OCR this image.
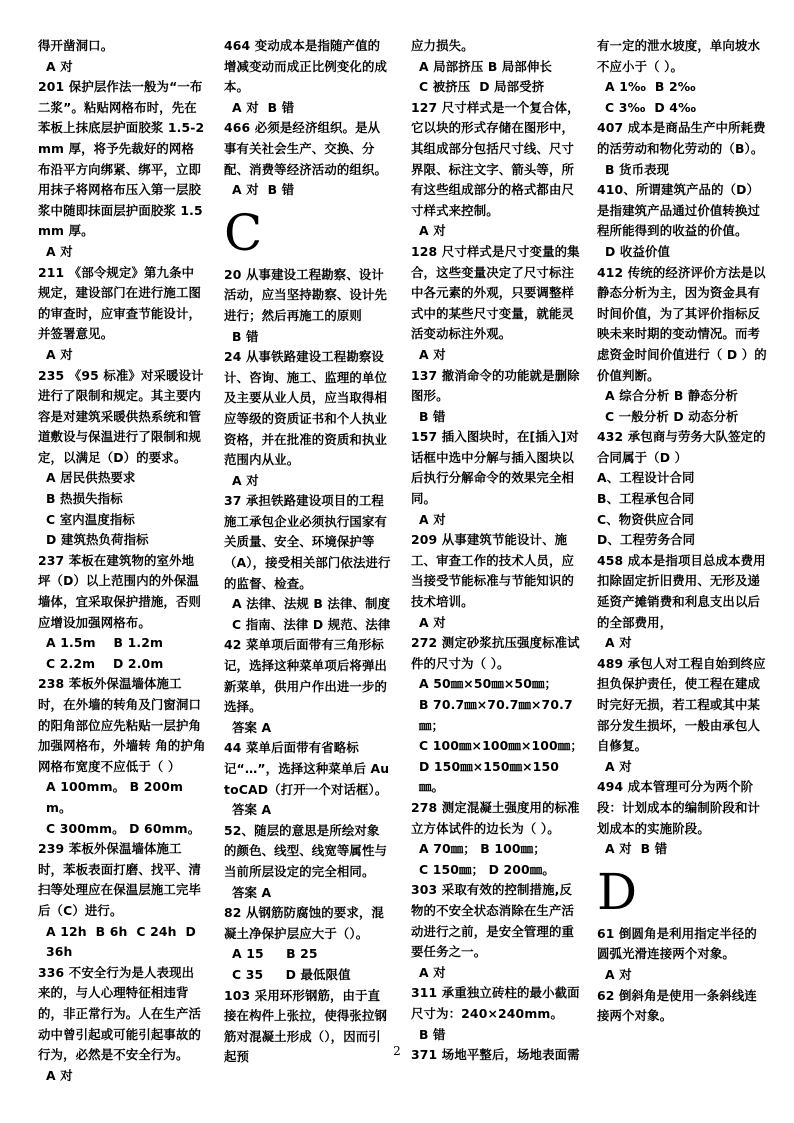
得开凿洞口。

A 对

201 保护层作法一般为“一布二浆”。粘贴网格布时，先在苯板上抹底层护面胶浆 1.5-2mm 厚，将予先裁好的网格布沿平方向绑紧、绑平，立即用抹子将网格布压入第一层胶浆中随即抹面层护面胶浆 1.5mm 厚。

A 对

211 《部令规定》第九条中规定，建设部门在进行施工图的审查时，应审查节能设计，并签署意见。

A 对

235 《95 标准》对采暖设计进行了限制和规定。其主要内容是对建筑采暖供热系统和管道敷设与保温进行了限制和规定，以满足（D）的要求。

A 居民供热要求

B 热损失指标

C 室内温度指标

D 建筑热负荷指标

237 苯板在建筑物的室外地坪（D）以上范围内的外保温墙体，宜采取保护措施，否则应增设加强网格布。

A 1.5m    B 1.2m

C 2.2m    D 2.0m

238 苯板外保温墙体施工时，在外墙的转角及门窗洞口的阳角部位应先粘贴一层护角加强网格布，外墙转 角的护角网格布宽度不应低于（ ）

A 100mm。 B 200mm。

C 300mm。 D 60mm。

239 苯板外保温墙体施工时，苯板表面打磨、找平、清扫等处理应在保温层施工完毕后（C）进行。

A 12h  B 6h  C 24h  D 36h

336 不安全行为是人表现出来的，与人心理特征相违背的，非正常行为。人在生产活动中曾引起或可能引起事故的行为，必然是不安全行为。

A 对

464 变动成本是指随产值的增减变动而成正比例变化的成本。

A 对  B 错

466 必须是经济组织。是从事有关社会生产、交换、分配、消费等经济活动的组织。

A 对  B 错

C

20 从事建设工程勘察、设计活动，应当坚持勘察、设计先进行；然后再施工的原则

B 错

24 从事铁路建设工程勘察设计、咨询、施工、监理的单位及主要从业人员，应当取得相应等级的资质证书和个人执业资格，并在批准的资质和执业范围内从业。

A 对

37 承担铁路建设项目的工程施工承包企业必须执行国家有关质量、安全、环境保护等（A），接受相关部门依法进行的监督、检查。

A 法律、法规 B 法律、制度

C 指南、法律 D 规范、法律

42 菜单项后面带有三角形标记，选择这种菜单项后将弹出新菜单，供用户作出进一步的选择。

答案 A

44 菜单后面带有省略标记“…”，选择这种菜单后 AutoCAD（打开一个对话框）。

答案 A

52、随层的意思是所绘对象的颜色、线型、线宽等属性与当前所层设定的完全相同。

答案 A

82 从钢筋防腐蚀的要求，混凝土净保护层应大于（）。

A 15     B 25

C 35     D 最低限值

103 采用环形钢筋，由于直接在构件上张拉，使得张拉钢筋对混凝土形成（），因而引起预

应力损失。

A 局部挤压 B 局部伸长

C 被挤压  D 局部受挤

127 尺寸样式是一个复合体，它以块的形式存储在图形中，其组成部分包括尺寸线、尺寸界限、标注文字、箭头等，所有这些组成部分的格式都由尺寸样式来控制。

A 对

128 尺寸样式是尺寸变量的集合，这些变量决定了尺寸标注中各元素的外观，只要调整样式中的某些尺寸变量，就能灵活变动标注外观。

A 对

137 撤消命令的功能就是删除图形。

B 错

157 插入图块时，在[插入]对话框中选中分解与插入图块以后执行分解命令的效果完全相同。

A 对

209 从事建筑节能设计、施工、审查工作的技术人员，应当接受节能标准与节能知识的技术培训。

A 对

272 测定砂浆抗压强度标准试件的尺寸为（ ）。

A 50㎜×50㎜×50㎜；

B 70.7㎜×70.7㎜×70.7㎜；

C 100㎜×100㎜×100㎜；

D 150㎜×150㎜×150㎜。

278 测定混凝土强度用的标准立方体试件的边长为（ ）。

A 70㎜； B 100㎜；

C 150㎜； D 200㎜。

303 采取有效的控制措施,反物的不安全状态消除在生产活动进行之前，是安全管理的重要任务之一。

A 对

311 承重独立砖柱的最小截面尺寸为：240×240mm。

B 错

371 场地平整后，场地表面需

有一定的泄水坡度，单向坡水不应小于（ ）。

A 1‰  B 2‰

C 3‰  D 4‰

407 成本是商品生产中所耗费的活劳动和物化劳动的（B）。

B 货币表现

410、所谓建筑产品的（D）是指建筑产品通过价值转换过程所能得到的收益的价值。

D 收益价值

412 传统的经济评价方法是以静态分析为主，因为资金具有时间价值，为了其评价指标反映未来时期的变动情况。而考虑资金时间价值进行（ D ）的价值判断。

A 综合分析 B 静态分析

C 一般分析 D 动态分析

432 承包商与劳务大队签定的合同属于（D ）

A、工程设计合同

B、工程承包合同

C、物资供应合同

D、工程劳务合同

458 成本是指项目总成本费用扣除固定折旧费用、无形及递延资产摊销费和利息支出以后的全部费用，

A 对

489 承包人对工程自始到终应担负保护责任，使工程在建成时完好无损，若工程或其中某部分发生损坏，一般由承包人自修复。

A 对

494 成本管理可分为两个阶段：计划成本的编制阶段和计划成本的实施阶段。

A 对  B 错

D

61 倒圆角是利用指定半径的圆弧光滑连接两个对象。

A 对

62 倒斜角是使用一条斜线连接两个对象。

2
